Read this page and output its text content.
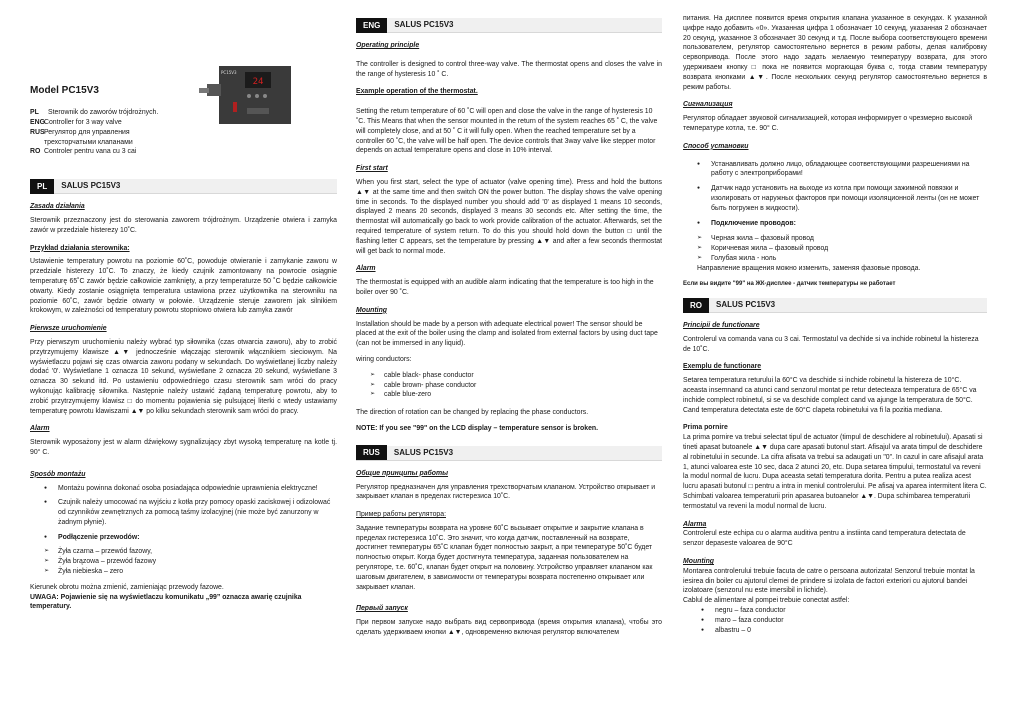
Model PC15V3
PL	Sterownik do zaworów trójdrożnych.
ENG Controller for 3 way valve
RUS Регулятор для управления трехсторчатыми клапанами
RO Controler pentru vana cu 3 cai
PL	SALUS PC15V3
Zasada działania

Sterownik przeznaczony jest do sterowania zaworem trójdrożnym. Urządzenie otwiera i zamyka zawór w przedziale histerezy 10˚C.

Przykład działania sterownika:

Ustawienie temperatury powrotu na poziomie 60˚C, powoduje otwieranie i zamykanie zaworu w przedziale histerezy 10˚C. To znaczy, że kiedy czujnik zamontowany na powrocie osiągnie temperaturę 65˚C zawór będzie całkowicie zamknięty, a przy temperaturze 50 ˚C będzie całkowicie otwarty. Kiedy zostanie osiągnięta temperatura ustawiona przez użytkownika na sterowniku na poziomie 60˚C, zawór będzie otwarty w połowie. Urządzenie steruje zaworem jak silnikiem krokowym, w zależności od temperatury powrotu stopniowo otwiera lub zamyka zawór

Pierwsze uruchomienie

Przy pierwszym uruchomieniu należy wybrać typ siłownika (czas otwarcia zaworu), aby to zrobić przytrzymujemy klawisze ▲▼ jednocześnie włączając sterownik włącznikiem sieciowym. Na wyświetlaczu pojawi się czas otwarcia zaworu podany w sekundach. Do wyświetlanej liczby należy dodać '0'. Wyświetlane 1 oznacza 10 sekund, wyświetlane 2 oznacza 20 sekund, wyświetlane 3 oznacza 30 sekund itd. Po ustawieniu odpowiedniego czasu sterownik sam wróci do pracy wykonując kalibrację siłownika. Następnie należy ustawić żądaną temperaturę powrotu, aby to zrobić przytrzymujemy klawisz □ do momentu pojawienia się pulsującej literki c wtedy ustawiamy temperaturę powrotu klawiszami ▲▼ po kilku sekundach sterownik sam wróci do pracy.

Alarm

Sterownik wyposażony jest w alarm dźwiękowy sygnalizujący zbyt wysoką temperaturę na kotle tj. 90° C.

Sposób montażu
● Montażu powinna dokonać osoba posiadająca odpowiednie uprawnienia elektryczne!
● Czujnik należy umocować na wyjściu z kotła przy pomocy opaski zaciskowej i odizolować od czynników zewnętrznych za pomocą taśmy izolacyjnej (nie może być zanurzony w żadnym płynie).
● Podłączenie przewodów:
➢ Żyła czarna – przewód fazowy,
➢ Żyła brązowa – przewód fazowy
➢ Żyła niebieska – zero

Kierunek obrotu można zmienić, zamieniając przewody fazowe.

UWAGA: Pojawienie się na wyświetlaczu komunikatu „99” oznacza awarię czujnika temperatury.

24
PC15V3
ENG	SALUS PC15V3
Operating principle

The controller is designed to control three-way valve. The thermostat opens and closes the valve in the range of hysteresis 10 ˚ C.

Example operation of the thermostat.

Setting the return temperature of 60 ˚C will open and close the valve in the range of hysteresis 10 ˚C. This Means that when the sensor mounted in the return of the system reaches 65 ˚ C, the valve will completely close, and at 50 ˚ C it will fully open. When the reached temperature set by a controller 60 ˚C, the valve will be half open. The device controls that 3way valve like stepper motor depends on actual temperature opens and close in 10% interval.

First start

When you first start, select the type of actuator (valve opening time). Press and hold the buttons ▲▼ at the same time and then switch ON the power button. The display shows the valve opening time in seconds. To the displayed number you should add '0' as displayed 1 means 10 seconds, displayed 2 means 20 seconds, displayed 3 means 30 seconds etc. After setting the time, the thermostat will automatically go back to work provide calibration of the actuator. Afterwards, set the required temperature of system return. To do this you should hold down the button □ until the flashing letter C appears, set the temperature by pressing ▲▼ and after a few seconds thermostat will get back to normal mode.

Alarm

The thermostat is equipped with an audible alarm indicating that the temperature is too high in the boiler over 90 ˚C.

Mounting

Installation should be made by a person with adequate electrical power! The sensor should be placed at the exit of the boiler using the clamp and isolated from external factors by using duct tape (can not be immersed in any liquid).

wiring conductors:

➢ cable black- phase conductor
➢ cable brown- phase conductor
➢ cable blue-zero

The direction of rotation can be changed by replacing the phase conductors.

NOTE: If you see "99" on the LCD display – temperature sensor is broken.

RUS	SALUS PC15V3
Общие принципы работы

Регулятор предназначен для управления трехстворчатым клапаном. Устройство открывает и закрывает клапан в пределах гистерезиса 10˚C.

Пример работы регулятора:

Задание температуры возврата на уровне 60˚C вызывает открытие и закрытие клапана в пределах гистерезиса 10˚C. Это значит, что когда датчик, поставленный на возврате, достигнет температуры 65˚C клапан будет полностью закрыт, а при температуре 50˚C будет полностью открыт. Когда будет достигнута температура, заданная пользователем на регуляторе, т.е. 60˚C, клапан будет открыт на половину. Устройство управляет клапаном как шаговым двигателем, в зависимости от температуры возврата постепенно открывает или закрывает клапан.

Первый запуск

При первом запуске надо выбрать вид сервопривода (время открытия клапана), чтобы это сделать удерживаем кнопки ▲▼, одновременно включая регулятор включателем

питания. На дисплее появится время открытия клапана указанное в секундах. К указанной цифре надо добавить «0». Указанная цифра 1 обозначает 10 секунд, указанная 2 обозначает 20 секунд, указанное 3 обозначает 30 секунд и т.д. После выбора соответствующего времени пользователем, регулятор самостоятельно вернется в режим работы, делая калибровку сервопривода. После этого надо задать желаемую температуру возврата, для этого удерживаем кнопку □ пока не появится моргающая буква c, тогда ставим температуру возврата кнопками ▲▼. После нескольких секунд регулятор самостоятельно вернется в режим работы.

Сигнализация

Регулятор обладает звуковой сигнализацией, которая информирует о чрезмерно высокой температуре котла, т.е. 90° C.

Способ установки
● Устанавливать должно лицо, обладающее соответствующими разрешениями на работу с электроприборами!
● Датчик надо установить на выходе из котла при помощи зажимной повязки и изолировать от наружных факторов при помощи изоляционной ленты (он не может быть погружен в жидкости).
● Подключение проводов:
➢ Черная жила – фазовый провод
➢ Коричневая жила – фазовый провод
➢ Голубая жила - ноль

Направление вращения можно изменить, заменяя фазовые провода.

Если вы видите "99" на ЖК-дисплее - датчик температуры не работает

RO	SALUS PC15V3
Principii de functionare

Controlerul va comanda vana cu 3 cai. Termostatul va dechide si va inchide robinetul la histereza de 10˚C.

Exemplu de functionare

Setarea temperatura returului la 60°C va deschide si inchide robinetul la histereza de 10°C. aceasta insemnand ca atunci cand senzorul montat pe retur detecteaza temperatura de 65°C va inchide complect robinetul, si se va deschide complect cand va ajunge la temperatura de 50°C. Cand temperatura detectata este de 60°C clapeta robinetului va fi la pozitia mediana.

Prima pornire

La prima pornire va trebui selectat tipul de actuator (timpul de deschidere al robinetului). Apasati si tineti apasat butoanele ▲▼ dupa care apasati butonul start. Afisajul va arata timpul de deschidere al robinetului in secunde. La cifra afisata va trebui sa adaugati un "0". In cazul in care afisajul arata 1, atunci valoarea este 10 sec, daca 2 atunci 20, etc. Dupa setarea timpului, termostatul va reveni la modul normal de lucru. Dupa aceasta setati temperatura dorita. Pentru a putea realiza acest lucru apasati butonul □ pentru a intra in meniul controlerului. Pe afisaj va aparea intermitent litera C. Schimbati valoarea temperaturii prin apasarea butoanelor ▲▼. Dupa schimbarea temperaturii termostatul va reveni la modul normal de lucru.

Alarma

Controlerul este echipa cu o alarma auditiva pentru a instiinta cand temperatura detectata de senzor depaseste valoarea de 90°C

Mounting

Montarea controlerului trebuie facuta de catre o persoana autorizata! Senzorul trebuie montat la iesirea din boiler cu ajutorul clemei de prindere si izolata de factori exteriori cu ajutorul bandei izolatoare (senzorul nu este imersibil in lichide).

Cablul de alimentare al pompei trebuie conectat astfel:

● negru – faza conductor
● maro – faza conductor
● albastru – 0
